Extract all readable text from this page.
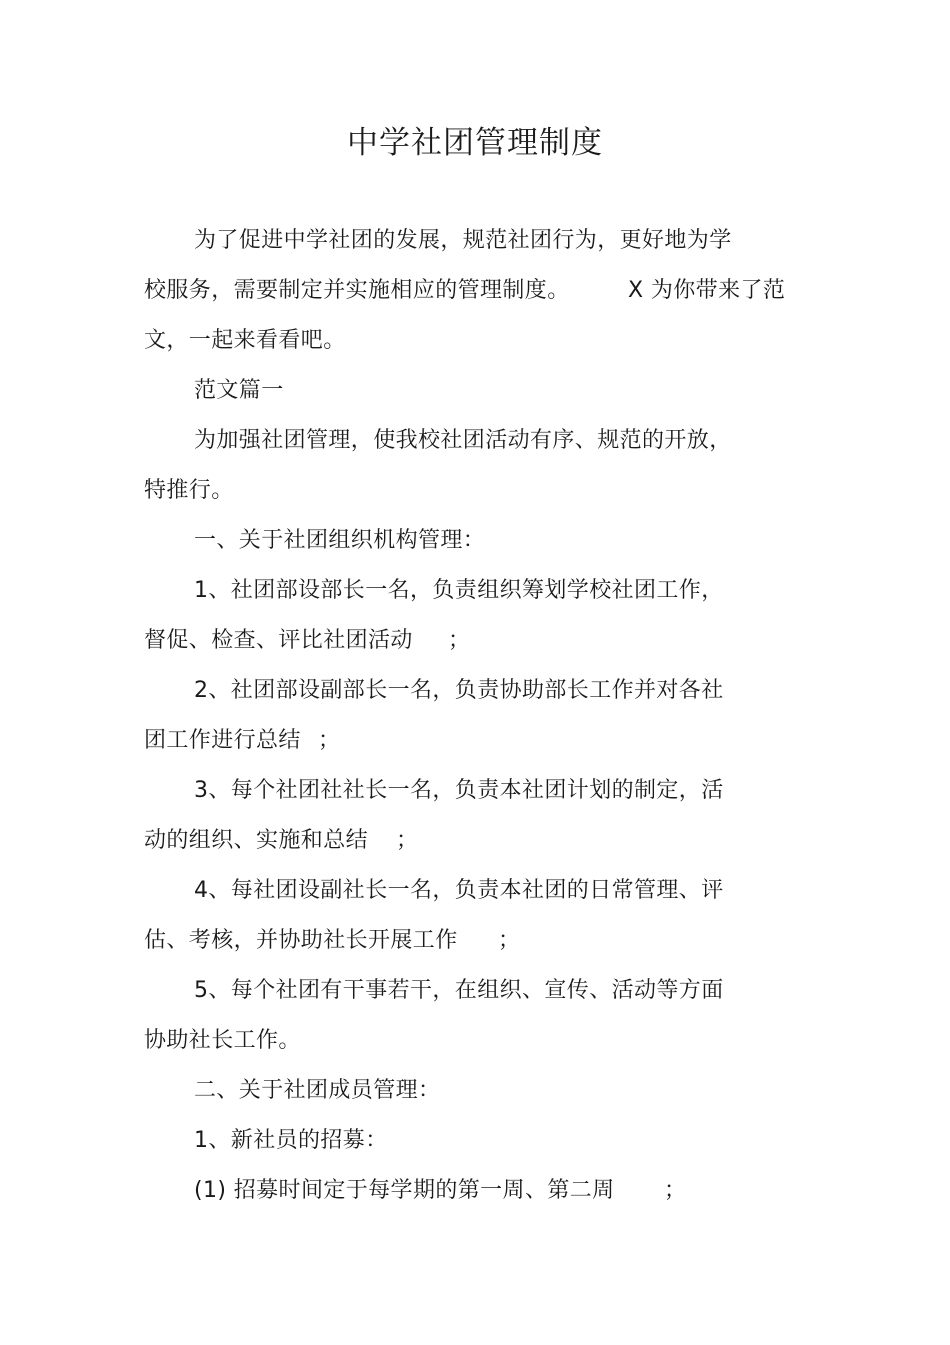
中学社团管理制度
为了促进中学社团的发展，规范社团行为，更好地为学
校服务，需要制定并实施相应的管理制度。	X 为你带来了范
文，一起来看看吧。
范文篇一
为加强社团管理，使我校社团活动有序、规范的开放，
特推行。
一、关于社团组织机构管理：
1、社团部设部长一名，负责组织筹划学校社团工作，
督促、检查、评比社团活动 ；
2、社团部设副部长一名，负责协助部长工作并对各社
团工作进行总结 ；
3、每个社团社社长一名，负责本社团计划的制定，活
动的组织、实施和总结 ；
4、每社团设副社长一名，负责本社团的日常管理、评
估、考核，并协助社长开展工作 ；
5、每个社团有干事若干，在组织、宣传、活动等方面
协助社长工作。
二、关于社团成员管理：
1、新社员的招募：
(1) 招募时间定于每学期的第一周、第二周 ；
